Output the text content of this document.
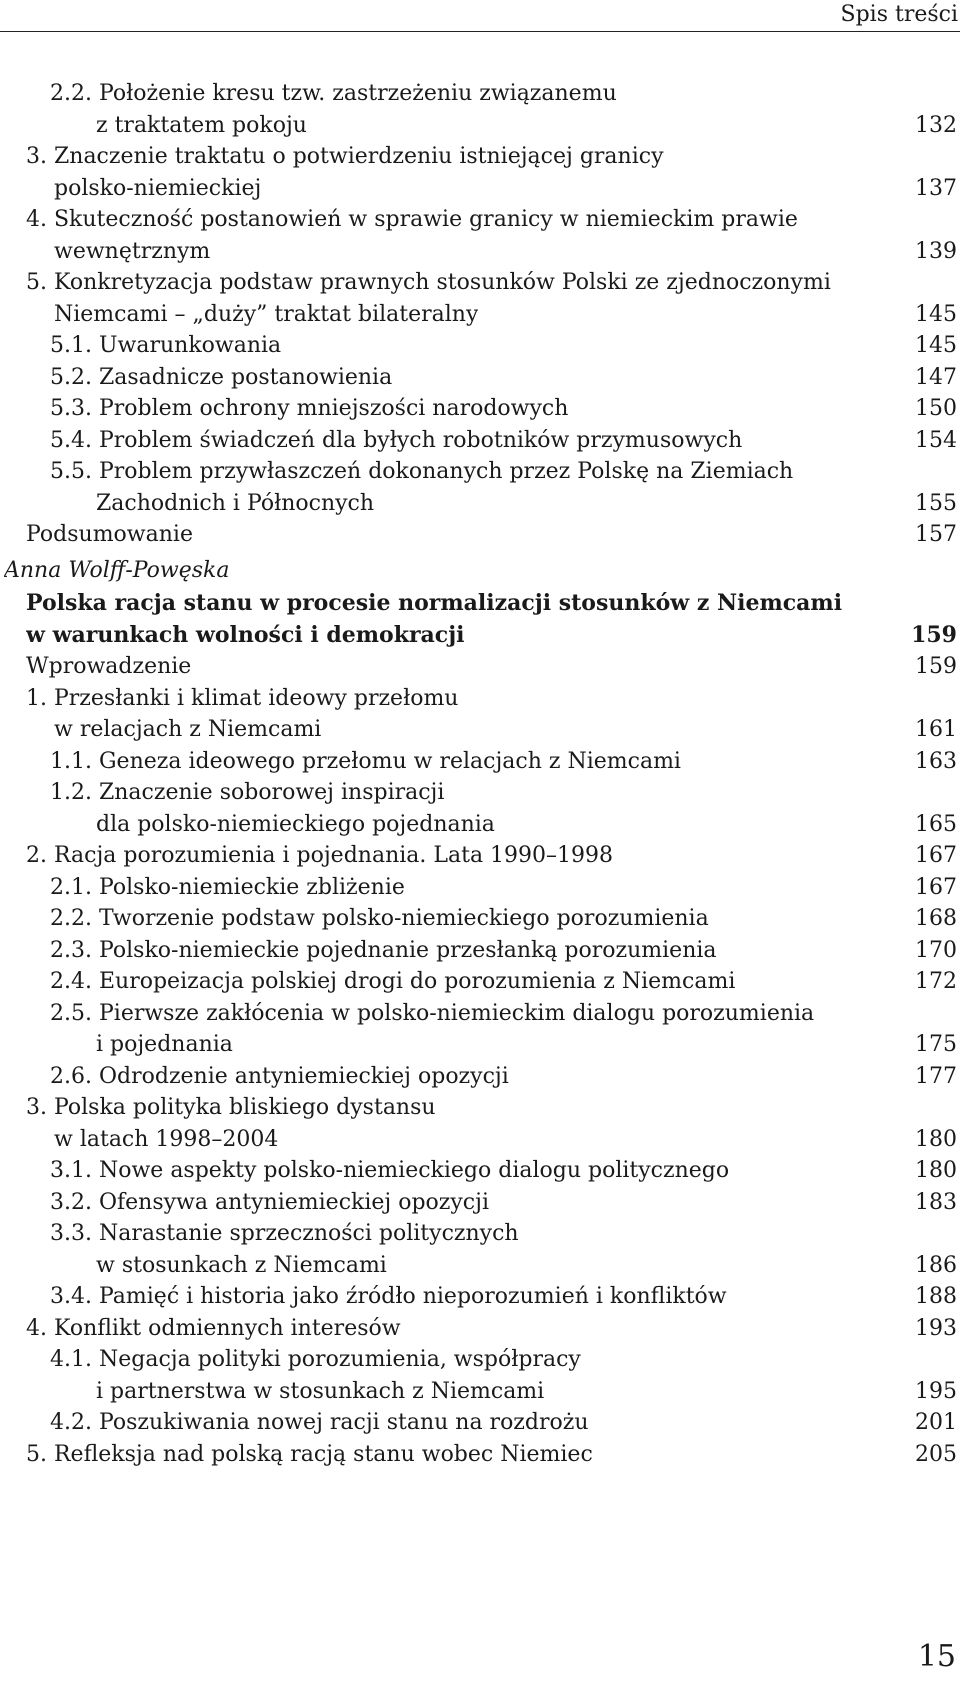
Spis treści
2.2. Położenie kresu tzw. zastrzeżeniu związanemu
z traktatem pokoju	132
3. Znaczenie traktatu o potwierdzeniu istniejącej granicy
polsko-niemieckiej	137
4. Skuteczność postanowień w sprawie granicy w niemieckim prawie
wewnętrznym	139
5. Konkretyzacja podstaw prawnych stosunków Polski ze zjednoczonymi
Niemcami – „duży” traktat bilateralny	145
5.1. Uwarunkowania	145
5.2. Zasadnicze postanowienia	147
5.3. Problem ochrony mniejszości narodowych	150
5.4. Problem świadczeń dla byłych robotników przymusowych	154
5.5. Problem przywłaszczeń dokonanych przez Polskę na Ziemiach
Zachodnich i Północnych	155
Podsumowanie	157
Anna Wolff-Powęska
Polska racja stanu w procesie normalizacji stosunków z Niemcami
w warunkach wolności i demokracji	159
Wprowadzenie	159
1. Przesłanki i klimat ideowy przełomu
w relacjach z Niemcami	161
1.1. Geneza ideowego przełomu w relacjach z Niemcami	163
1.2. Znaczenie soborowej inspiracji
dla polsko-niemieckiego pojednania	165
2. Racja porozumienia i pojednania. Lata 1990–1998	167
2.1. Polsko-niemieckie zbliżenie	167
2.2. Tworzenie podstaw polsko-niemieckiego porozumienia	168
2.3. Polsko-niemieckie pojednanie przesłanką porozumienia	170
2.4. Europeizacja polskiej drogi do porozumienia z Niemcami	172
2.5. Pierwsze zakłócenia w polsko-niemieckim dialogu porozumienia
i pojednania	175
2.6. Odrodzenie antyniemieckiej opozycji	177
3. Polska polityka bliskiego dystansu
w latach 1998–2004	180
3.1. Nowe aspekty polsko-niemieckiego dialogu politycznego	180
3.2. Ofensywa antyniemieckiej opozycji	183
3.3. Narastanie sprzeczności politycznych
w stosunkach z Niemcami	186
3.4. Pamięć i historia jako źródło nieporozumień i konfliktów	188
4. Konflikt odmiennych interesów	193
4.1. Negacja polityki porozumienia, współpracy
i partnerstwa w stosunkach z Niemcami	195
4.2. Poszukiwania nowej racji stanu na rozdrożu	201
5. Refleksja nad polską racją stanu wobec Niemiec	205
15
